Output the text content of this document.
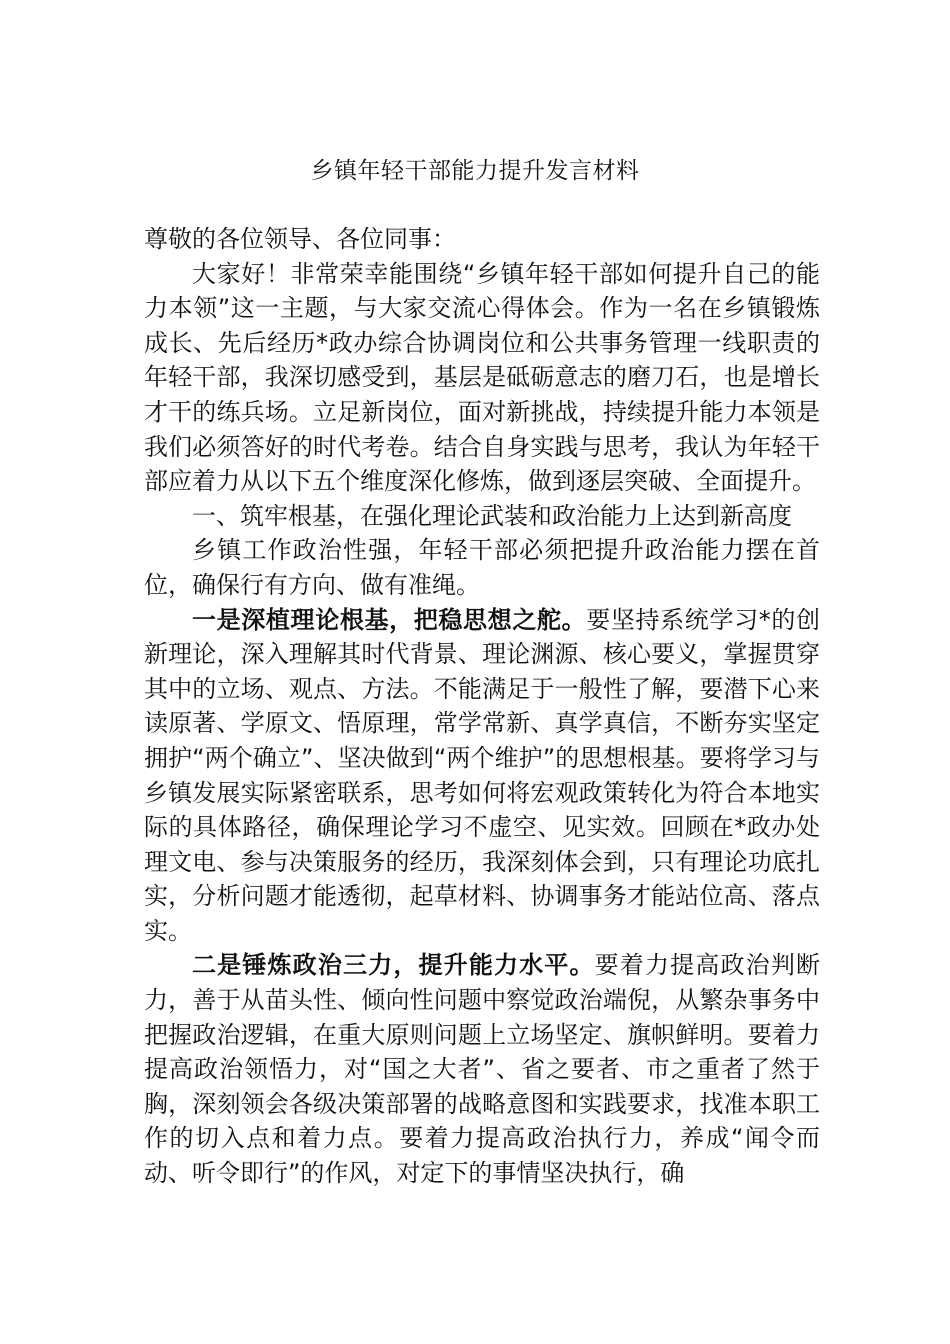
乡镇年轻干部能力提升发言材料

尊敬的各位领导、各位同事：

大家好！非常荣幸能围绕“乡镇年轻干部如何提升自己的能力本领”这一主题，与大家交流心得体会。作为一名在乡镇锻炼成长、先后经历*政办综合协调岗位和公共事务管理一线职责的年轻干部，我深切感受到，基层是砥砺意志的磨刀石，也是增长才干的练兵场。立足新岗位，面对新挑战，持续提升能力本领是我们必须答好的时代考卷。结合自身实践与思考，我认为年轻干部应着力从以下五个维度深化修炼，做到逐层突破、全面提升。

一、筑牢根基，在强化理论武装和政治能力上达到新高度

乡镇工作政治性强，年轻干部必须把提升政治能力摆在首位，确保行有方向、做有准绳。

一是深植理论根基，把稳思想之舵。要坚持系统学习*的创新理论，深入理解其时代背景、理论渊源、核心要义，掌握贯穿其中的立场、观点、方法。不能满足于一般性了解，要潜下心来读原著、学原文、悟原理，常学常新、真学真信，不断夯实坚定拥护“两个确立”、坚决做到“两个维护”的思想根基。要将学习与乡镇发展实际紧密联系，思考如何将宏观政策转化为符合本地实际的具体路径，确保理论学习不虚空、见实效。回顾在*政办处理文电、参与决策服务的经历，我深刻体会到，只有理论功底扎实，分析问题才能透彻，起草材料、协调事务才能站位高、落点实。

二是锤炼政治三力，提升能力水平。要着力提高政治判断力，善于从苗头性、倾向性问题中察觉政治端倪，从繁杂事务中把握政治逻辑，在重大原则问题上立场坚定、旗帜鲜明。要着力提高政治领悟力，对“国之大者”、省之要者、市之重者了然于胸，深刻领会各级决策部署的战略意图和实践要求，找准本职工作的切入点和着力点。要着力提高政治执行力，养成“闻令而动、听令即行”的作风，对定下的事情坚决执行，确
